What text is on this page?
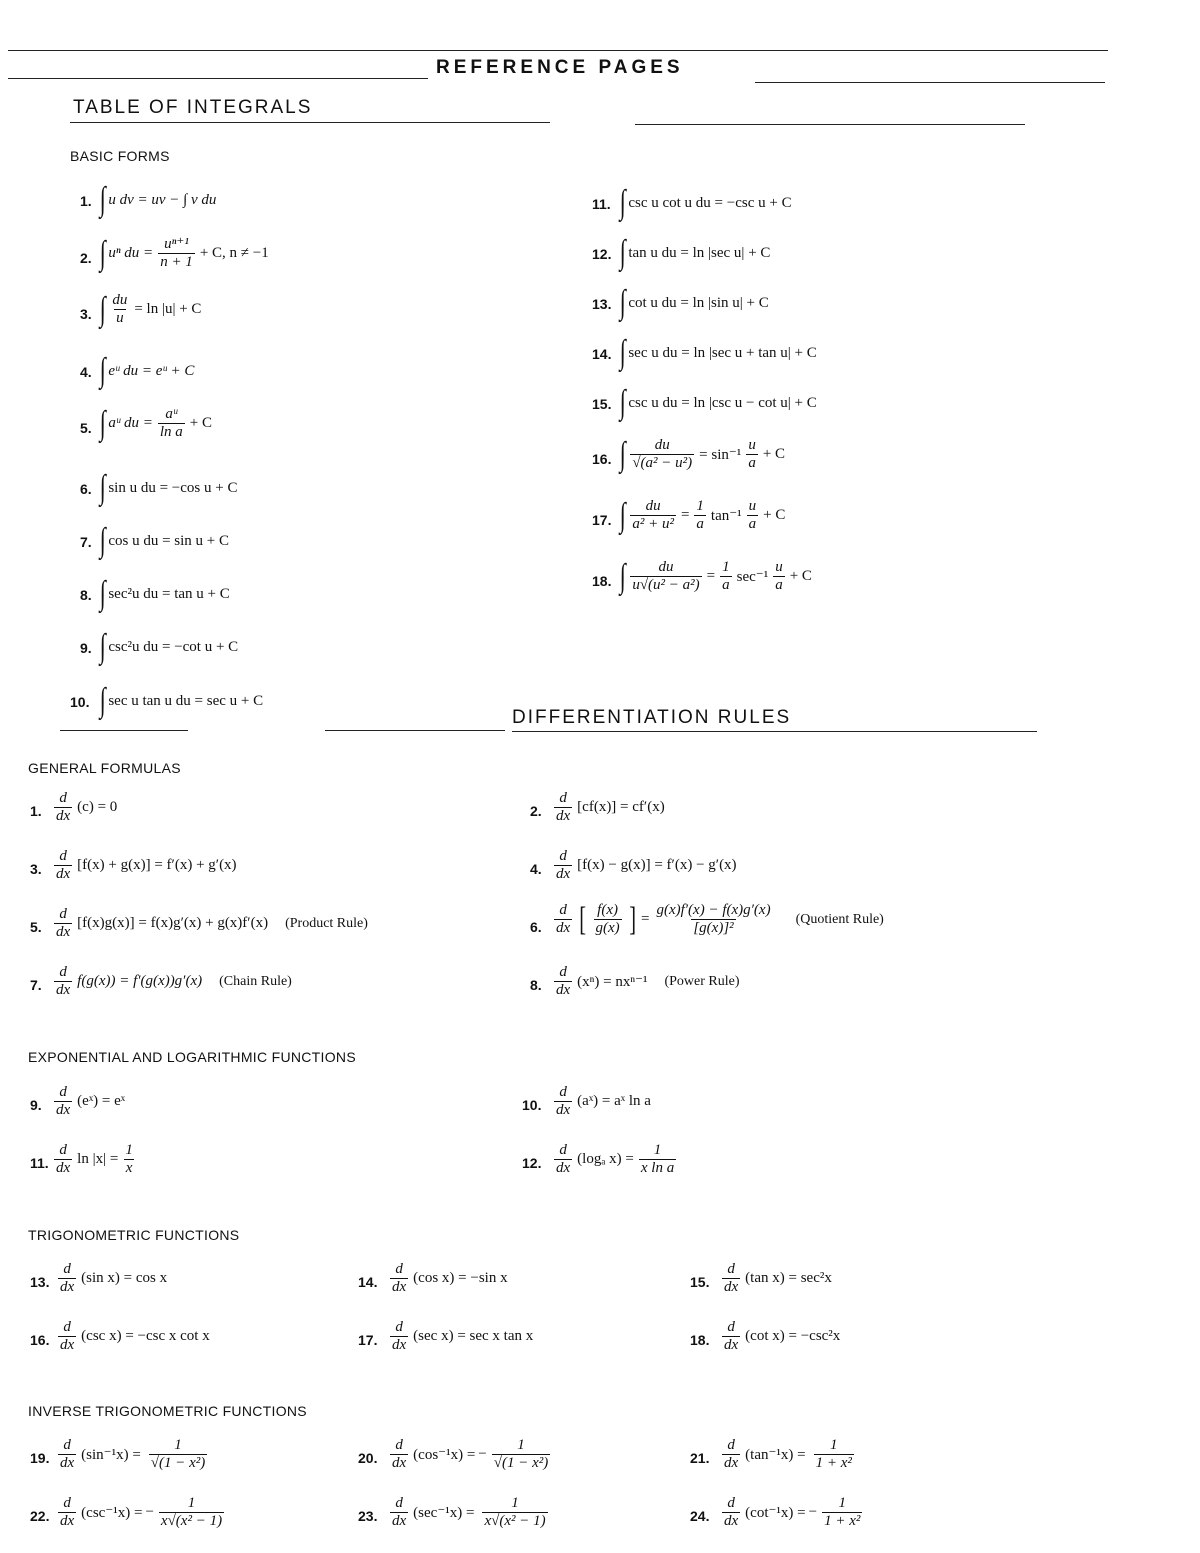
REFERENCE PAGES
TABLE OF INTEGRALS
BASIC FORMS
1. ∫ u dv = uv − ∫ v du
2. ∫ uⁿ du = $\frac{\text{uⁿ⁺¹}}{n + 1} + C$, n ≠ −1
3. ∫ $\frac{du}{u} = \ln |u| + C$
4. ∫ eᵘ du = eᵘ + C
5. ∫ aᵘ du = $\frac{\text{aᵘ}}{\text{ln a}} + C$
6. ∫ sin u du = −cos u + C
7. ∫ cos u du = sin u + C
8. ∫ sec²u du = tan u + C
9. ∫ csc²u du = −cot u + C
10. ∫ sec u tan u du = sec u + C
11. ∫ csc u cot u du = −csc u + C
12. ∫ tan u du = ln |sec u| + C
13. ∫ cot u du = ln |sin u| + C
14. ∫ sec u du = ln |sec u + tan u| + C
15. ∫ csc u du = ln |csc u − cot u| + C
16. ∫ $\frac{du}{\text{√(a² − u²)}} = \sin^{-1} \frac{u}{a} + C$
17. ∫ $\frac{du}{\text{a² + u²}} = \frac{1}{a} \tan^{-1} \frac{u}{a} + C$
18. ∫ $\frac{du}{\text{u√(u² − a²)}} = \frac{1}{a} \sec^{-1} \frac{u}{a} + C$
DIFFERENTIATION RULES
GENERAL FORMULAS
1. $\frac{d}{dx} (c) = 0$	2. $\frac{d}{dx} [cf(x)] = cf'(x)$
3. $\frac{d}{dx} [f(x) + g(x)] = f'(x) + g'(x)$	4. $\frac{d}{dx} [f(x) - g(x)] = f'(x) - g'(x)$
5. $\frac{d}{dx} [f(x)g(x)] = f(x)g'(x) + g(x)f'(x)$ (Product Rule)	6. $\frac{d}{dx}$ [ $\frac{f(x)}{g(x)}$ ] = $\frac{g(x)f'(x) - f(x)g'(x)}{\text{[g(x)]²}}$ (Quotient Rule)
7. $\frac{d}{dx} f(g(x)) = f'(g(x))g'(x)$ (Chain Rule)	8. $\frac{d}{dx} (x^n) = nx^{n-1}$ (Power Rule)
EXPONENTIAL AND LOGARITHMIC FUNCTIONS
9. $\frac{d}{dx}$ (eˣ) = eˣ	10. $\frac{d}{dx}$ (aˣ) = aˣ ln a
11. $\frac{d}{dx}$ $\ln |x| = \frac{1}{x}$	12. $\frac{d}{dx} (\log_a$ $x) = \frac{1}{\text{x ln a}}$
TRIGONOMETRIC FUNCTIONS
13. $\frac{d}{dx} (\sin$ x) = cos x	14. $\frac{d}{dx} (\cos$ x) = −sin x	15. $\frac{d}{dx} (\tan$ x) = sec²x
16. $\frac{d}{dx} (\csc$ x) = −csc x cot x	17. $\frac{d}{dx} (\sec$ x) = sec x tan x	18. $\frac{d}{dx} (\cot$ x) = −csc²x
INVERSE TRIGONOMETRIC FUNCTIONS
19. $\frac{d}{dx} (\sin^{-1}x) = \frac{1}{\text{√(1 − x²)}}$	20. $\frac{d}{dx} (\cos^{-1}x)$ = − $\frac{1}{\text{√(1 − x²)}}$	21. $\frac{d}{dx} (\tan^{-1}x) = \frac{1}{\text{1 + x²}}$
22. $\frac{d}{dx} (\csc^{-1}x)$ = − $\frac{1}{\text{x√(x² − 1)}}$	23. $\frac{d}{dx} (\sec^{-1}x) = \frac{1}{\text{x√(x² − 1)}}$	24. $\frac{d}{dx} (\cot^{-1}x)$ = − $\frac{1}{\text{1 + x²}}$
